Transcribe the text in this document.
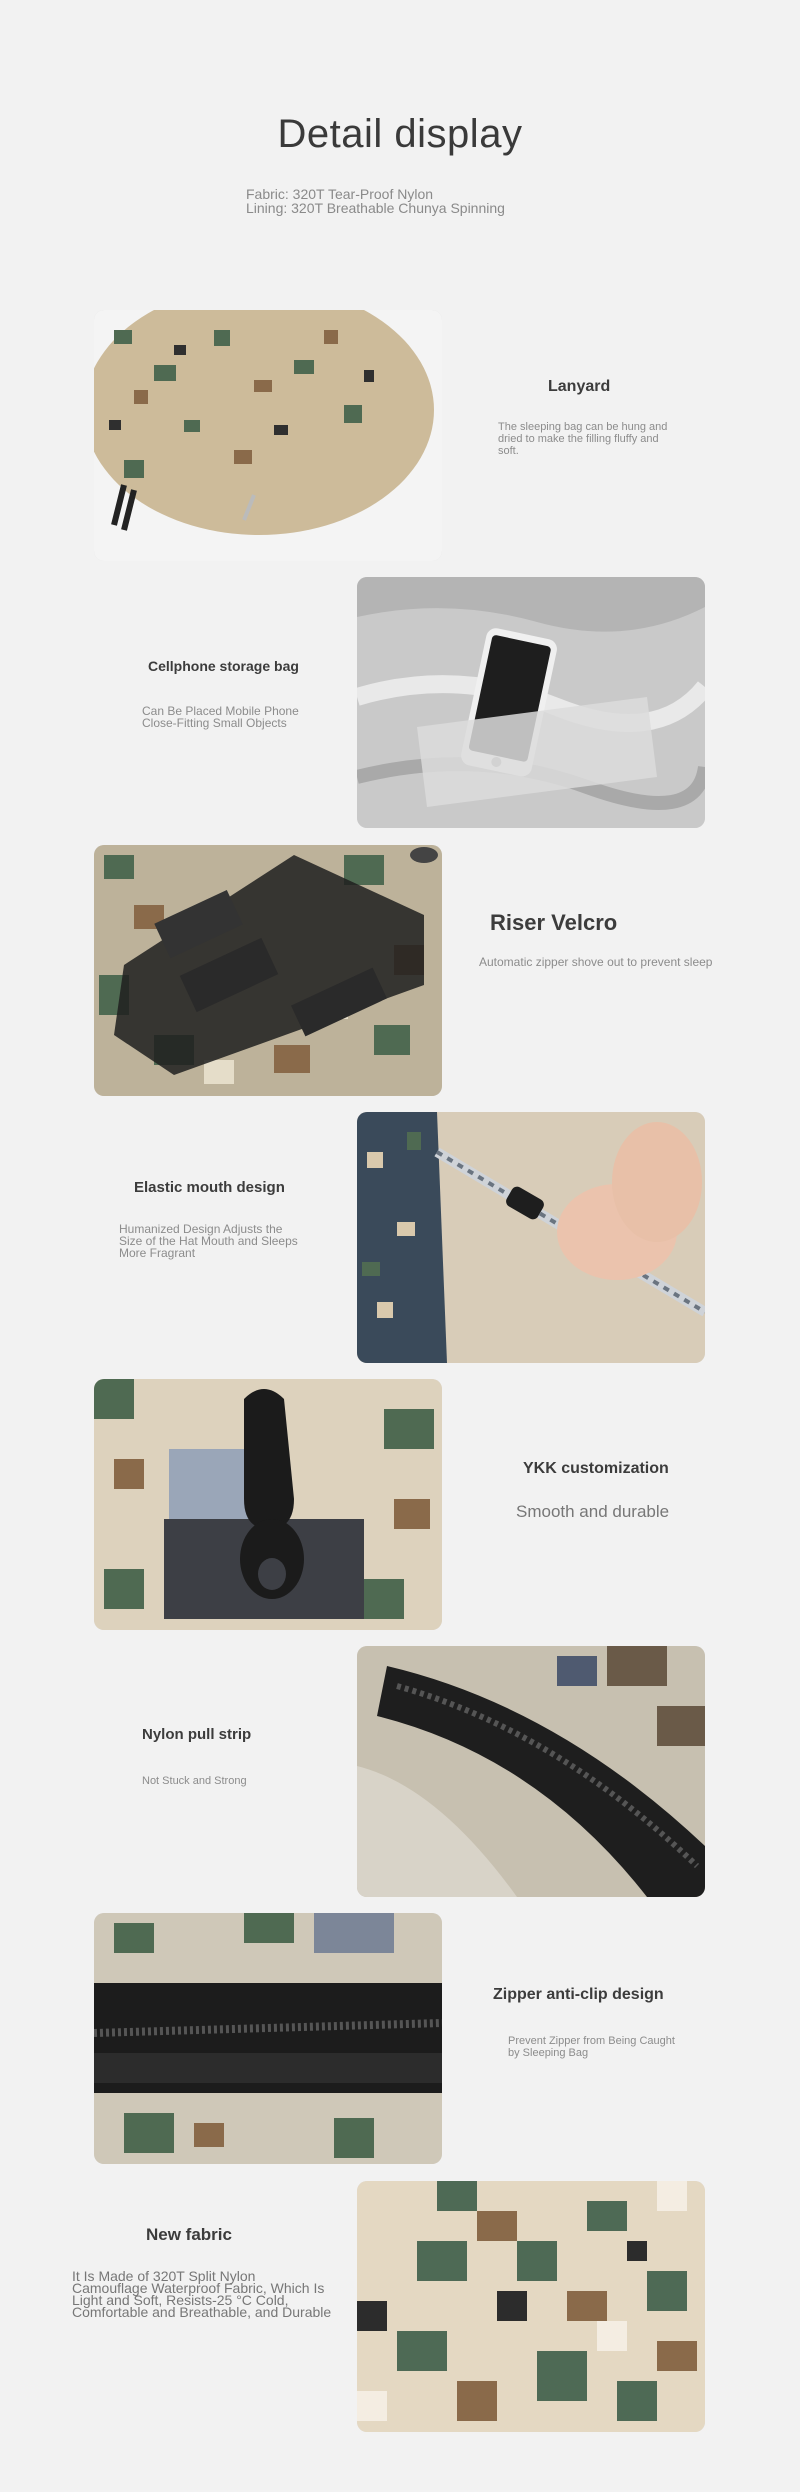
Detail display
Fabric: 320T Tear-Proof Nylon
Lining: 320T Breathable Chunya Spinning
Lanyard
The sleeping bag can be hung and dried to make the filling fluffy and soft.
Cellphone storage bag
Can Be Placed Mobile Phone Close-Fitting Small Objects
Riser Velcro
Automatic zipper shove out to prevent sleep
Elastic mouth design
Humanized Design Adjusts the Size of the Hat Mouth and Sleeps More Fragrant
YKK customization
Smooth and durable
Nylon pull strip
Not Stuck and Strong
Zipper anti-clip design
Prevent Zipper from Being Caught by Sleeping Bag
New fabric
It Is Made of 320T Split Nylon Camouflage Waterproof Fabric, Which Is Light and Soft, Resists-25 °C Cold, Comfortable and Breathable, and Durable
